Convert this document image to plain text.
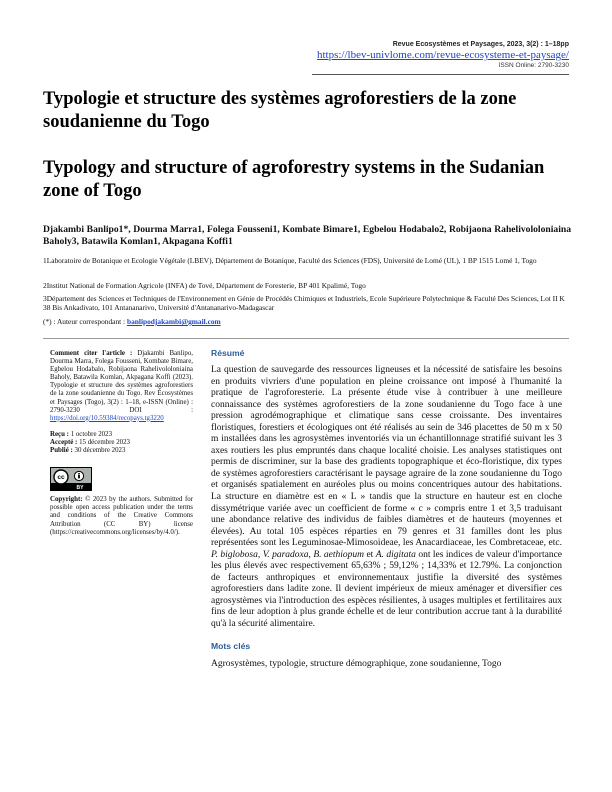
Revue Ecosystèmes et Paysages, 2023, 3(2) : 1–18pp
https://lbev-univlome.com/revue-ecosysteme-et-paysage/
ISSN Online: 2790-3230
Typologie et structure des systèmes agroforestiers de la zone soudanienne du Togo
Typology and structure of agroforestry systems in the Sudanian zone of Togo
Djakambi Banlipo1*, Dourma Marra1, Folega Fousseni1, Kombate Bimare1, Egbelou Hodabalo2, Robijaona Rahelivololoniaina Baholy3, Batawila Komlan1, Akpagana Koffi1
1Laboratoire de Botanique et Ecologie Végétale (LBEV), Département de Botanique, Faculté des Sciences (FDS), Université de Lomé (UL), 1 BP 1515 Lomé 1, Togo
2Institut National de Formation Agricole (INFA) de Tové, Département de Foresterie, BP 401 Kpalimé, Togo
3Département des Sciences et Techniques de l'Environnement en Génie de Procédés Chimiques et Industriels, Ecole Supérieure Polytechnique & Faculté Des Sciences, Lot II K 38 Bis Ankadivato, 101 Antananarivo, Université d'Antananarivo-Madagascar
(*) : Auteur correspondant : banlipodjakambi@gmail.com
Comment citer l'article : Djakambi Banlipo, Dourma Marra, Folega Fousseni, Kombate Bimare, Egbelou Hodabalo, Robijaona Rahelivololoniaina Baholy, Batawila Komlan, Akpagana Koffi (2023). Typologie et structure des systèmes agroforestiers de la zone soudanienne du Togo. Rev Écosystèmes et Paysages (Togo), 3(2) : 1–18, e-ISSN (Online) : 2790-3230	DOI : https://doi.org/10.59384/recopays.tg3220
Reçu : 1 octobre 2023
Accepté : 15 décembre 2023
Publié : 30 décembre 2023
cc
BY
Copyright: © 2023 by the authors. Submitted for possible open access publication under the terms and conditions of the Creative Commons Attribution (CC BY) license (https://creativecommons.org/licenses/by/4.0/).
Résumé

La question de sauvegarde des ressources ligneuses et la nécessité de satisfaire les besoins en produits vivriers d'une population en pleine croissance ont imposé à l'humanité la pratique de l'agroforesterie. La présente étude vise à contribuer à une meilleure connaissance des systèmes agroforestiers de la zone soudanienne du Togo face à une pression agrodémographique et climatique sans cesse croissante. Des inventaires floristiques, forestiers et écologiques ont été réalisés au sein de 346 placettes de 50 m x 50 m installées dans les agrosystèmes inventoriés via un échantillonnage stratifié suivant les 3 axes routiers les plus empruntés dans chaque localité choisie. Les analyses statistiques ont permis de discriminer, sur la base des gradients topographique et éco-floristique, dix types de systèmes agroforestiers caractérisant le paysage agraire de la zone soudanienne du Togo et organisés spatialement en auréoles plus ou moins concentriques autour des habitations. La structure en diamètre est en « L » tandis que la structure en hauteur est en cloche dissymétrique variée avec un coefficient de forme « c » compris entre 1 et 3,5 traduisant une abondance relative des individus de faibles diamètres et de hauteurs (moyennes et élevées). Au total 105 espèces réparties en 79 genres et 31 familles dont les plus représentées sont les Leguminosae-Mimosoideae, les Anacardiaceae, les Combretaceae, etc. P. biglobosa, V. paradoxa, B. aethiopum et A. digitata ont les indices de valeur d'importance les plus élevés avec respectivement 65,63% ; 59,12% ; 14,33% et 12.79%. La conjonction de facteurs anthropiques et environnementaux justifie la diversité des systèmes agroforestiers dans ladite zone. Il devient impérieux de mieux aménager et diversifier ces agrosystèmes via l'introduction des espèces résilientes, à usages multiples et fertilitaires aux fins de leur adoption à plus grande échelle et de leur contribution accrue tant à la durabilité qu'à la sécurité alimentaire.

Mots clés

Agrosystèmes, typologie, structure démographique, zone soudanienne, Togo
